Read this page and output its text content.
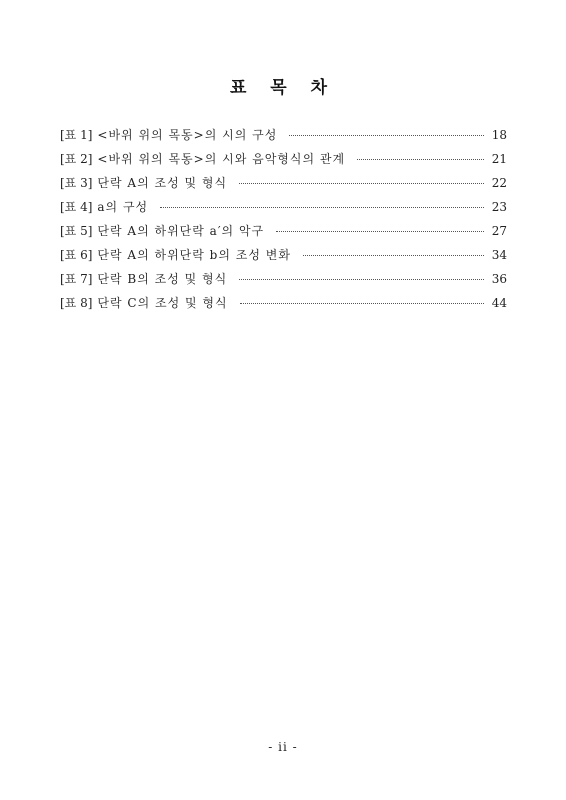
표 목 차
[표 1] <바위 위의 목동>의 시의 구성	18
[표 2] <바위 위의 목동>의 시와 음악형식의 관계	21
[표 3] 단락 A의 조성 및 형식	22
[표 4] a의 구성	23
[표 5] 단락 A의 하위단락 a′의 악구	27
[표 6] 단락 A의 하위단락 b의 조성 변화	34
[표 7] 단락 B의 조성 및 형식	36
[표 8] 단락 C의 조성 및 형식	44
- ii -
